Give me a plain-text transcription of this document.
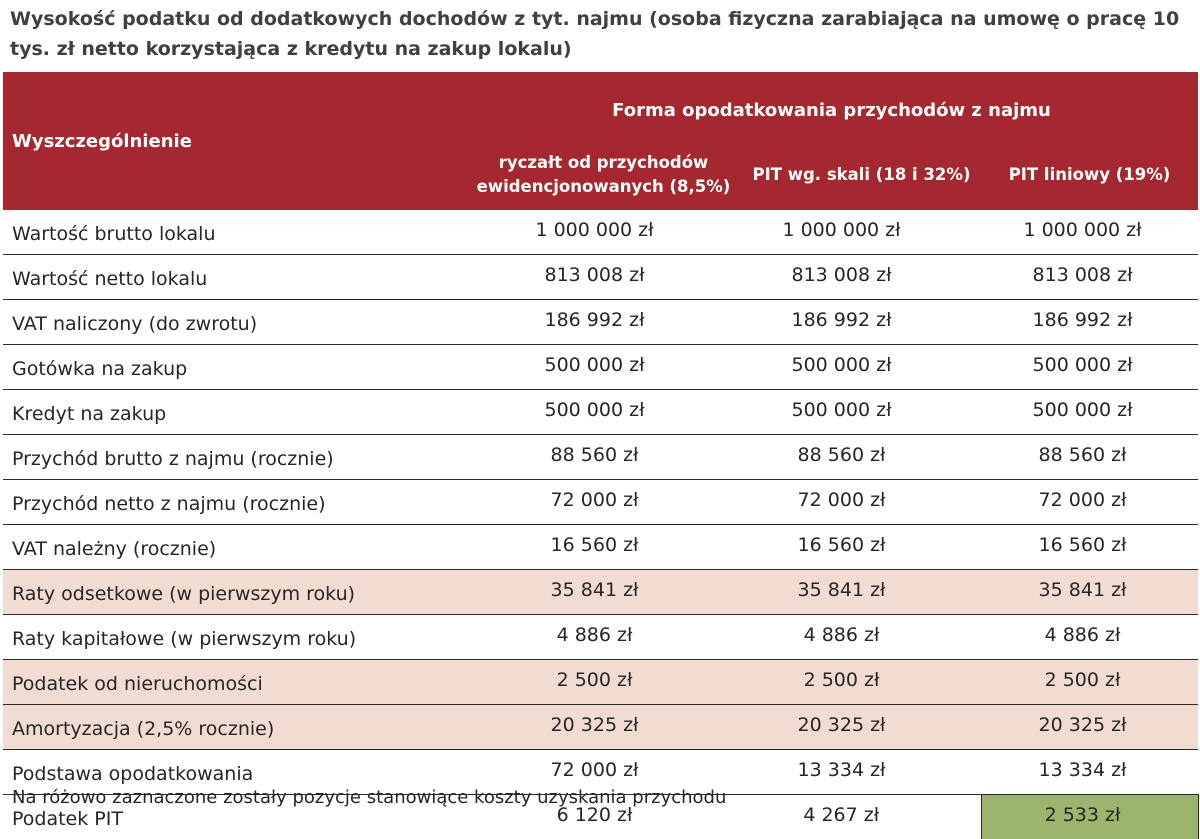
Wysokość podatku od dodatkowych dochodów z tyt. najmu (osoba fizyczna zarabiająca na umowę o pracę 10 tys. zł netto korzystająca z kredytu na zakup lokalu)
Wyszczególnienie	Forma opodatkowania przychodów z najmu		
	ryczałt od przychodów ewidencjonowanych (8,5%)	PIT wg. skali (18 i 32%)	PIT liniowy (19%)
Wartość brutto lokalu	1 000 000 zł	1 000 000 zł	1 000 000 zł
Wartość netto lokalu	813 008 zł	813 008 zł	813 008 zł
VAT naliczony (do zwrotu)	186 992 zł	186 992 zł	186 992 zł
Gotówka na zakup	500 000 zł	500 000 zł	500 000 zł
Kredyt na zakup	500 000 zł	500 000 zł	500 000 zł
Przychód brutto z najmu (rocznie)	88 560 zł	88 560 zł	88 560 zł
Przychód netto z najmu (rocznie)	72 000 zł	72 000 zł	72 000 zł
VAT należny (rocznie)	16 560 zł	16 560 zł	16 560 zł
Raty odsetkowe (w pierwszym roku)	35 841 zł	35 841 zł	35 841 zł
Raty kapitałowe (w pierwszym roku)	4 886 zł	4 886 zł	4 886 zł
Podatek od nieruchomości	2 500 zł	2 500 zł	2 500 zł
Amortyzacja (2,5% rocznie)	20 325 zł	20 325 zł	20 325 zł
Podstawa opodatkowania	72 000 zł	13 334 zł	13 334 zł
Podatek PIT	6 120 zł	4 267 zł	2 533 zł
Na różowo zaznaczone zostały pozycje stanowiące koszty uzyskania przychodu
